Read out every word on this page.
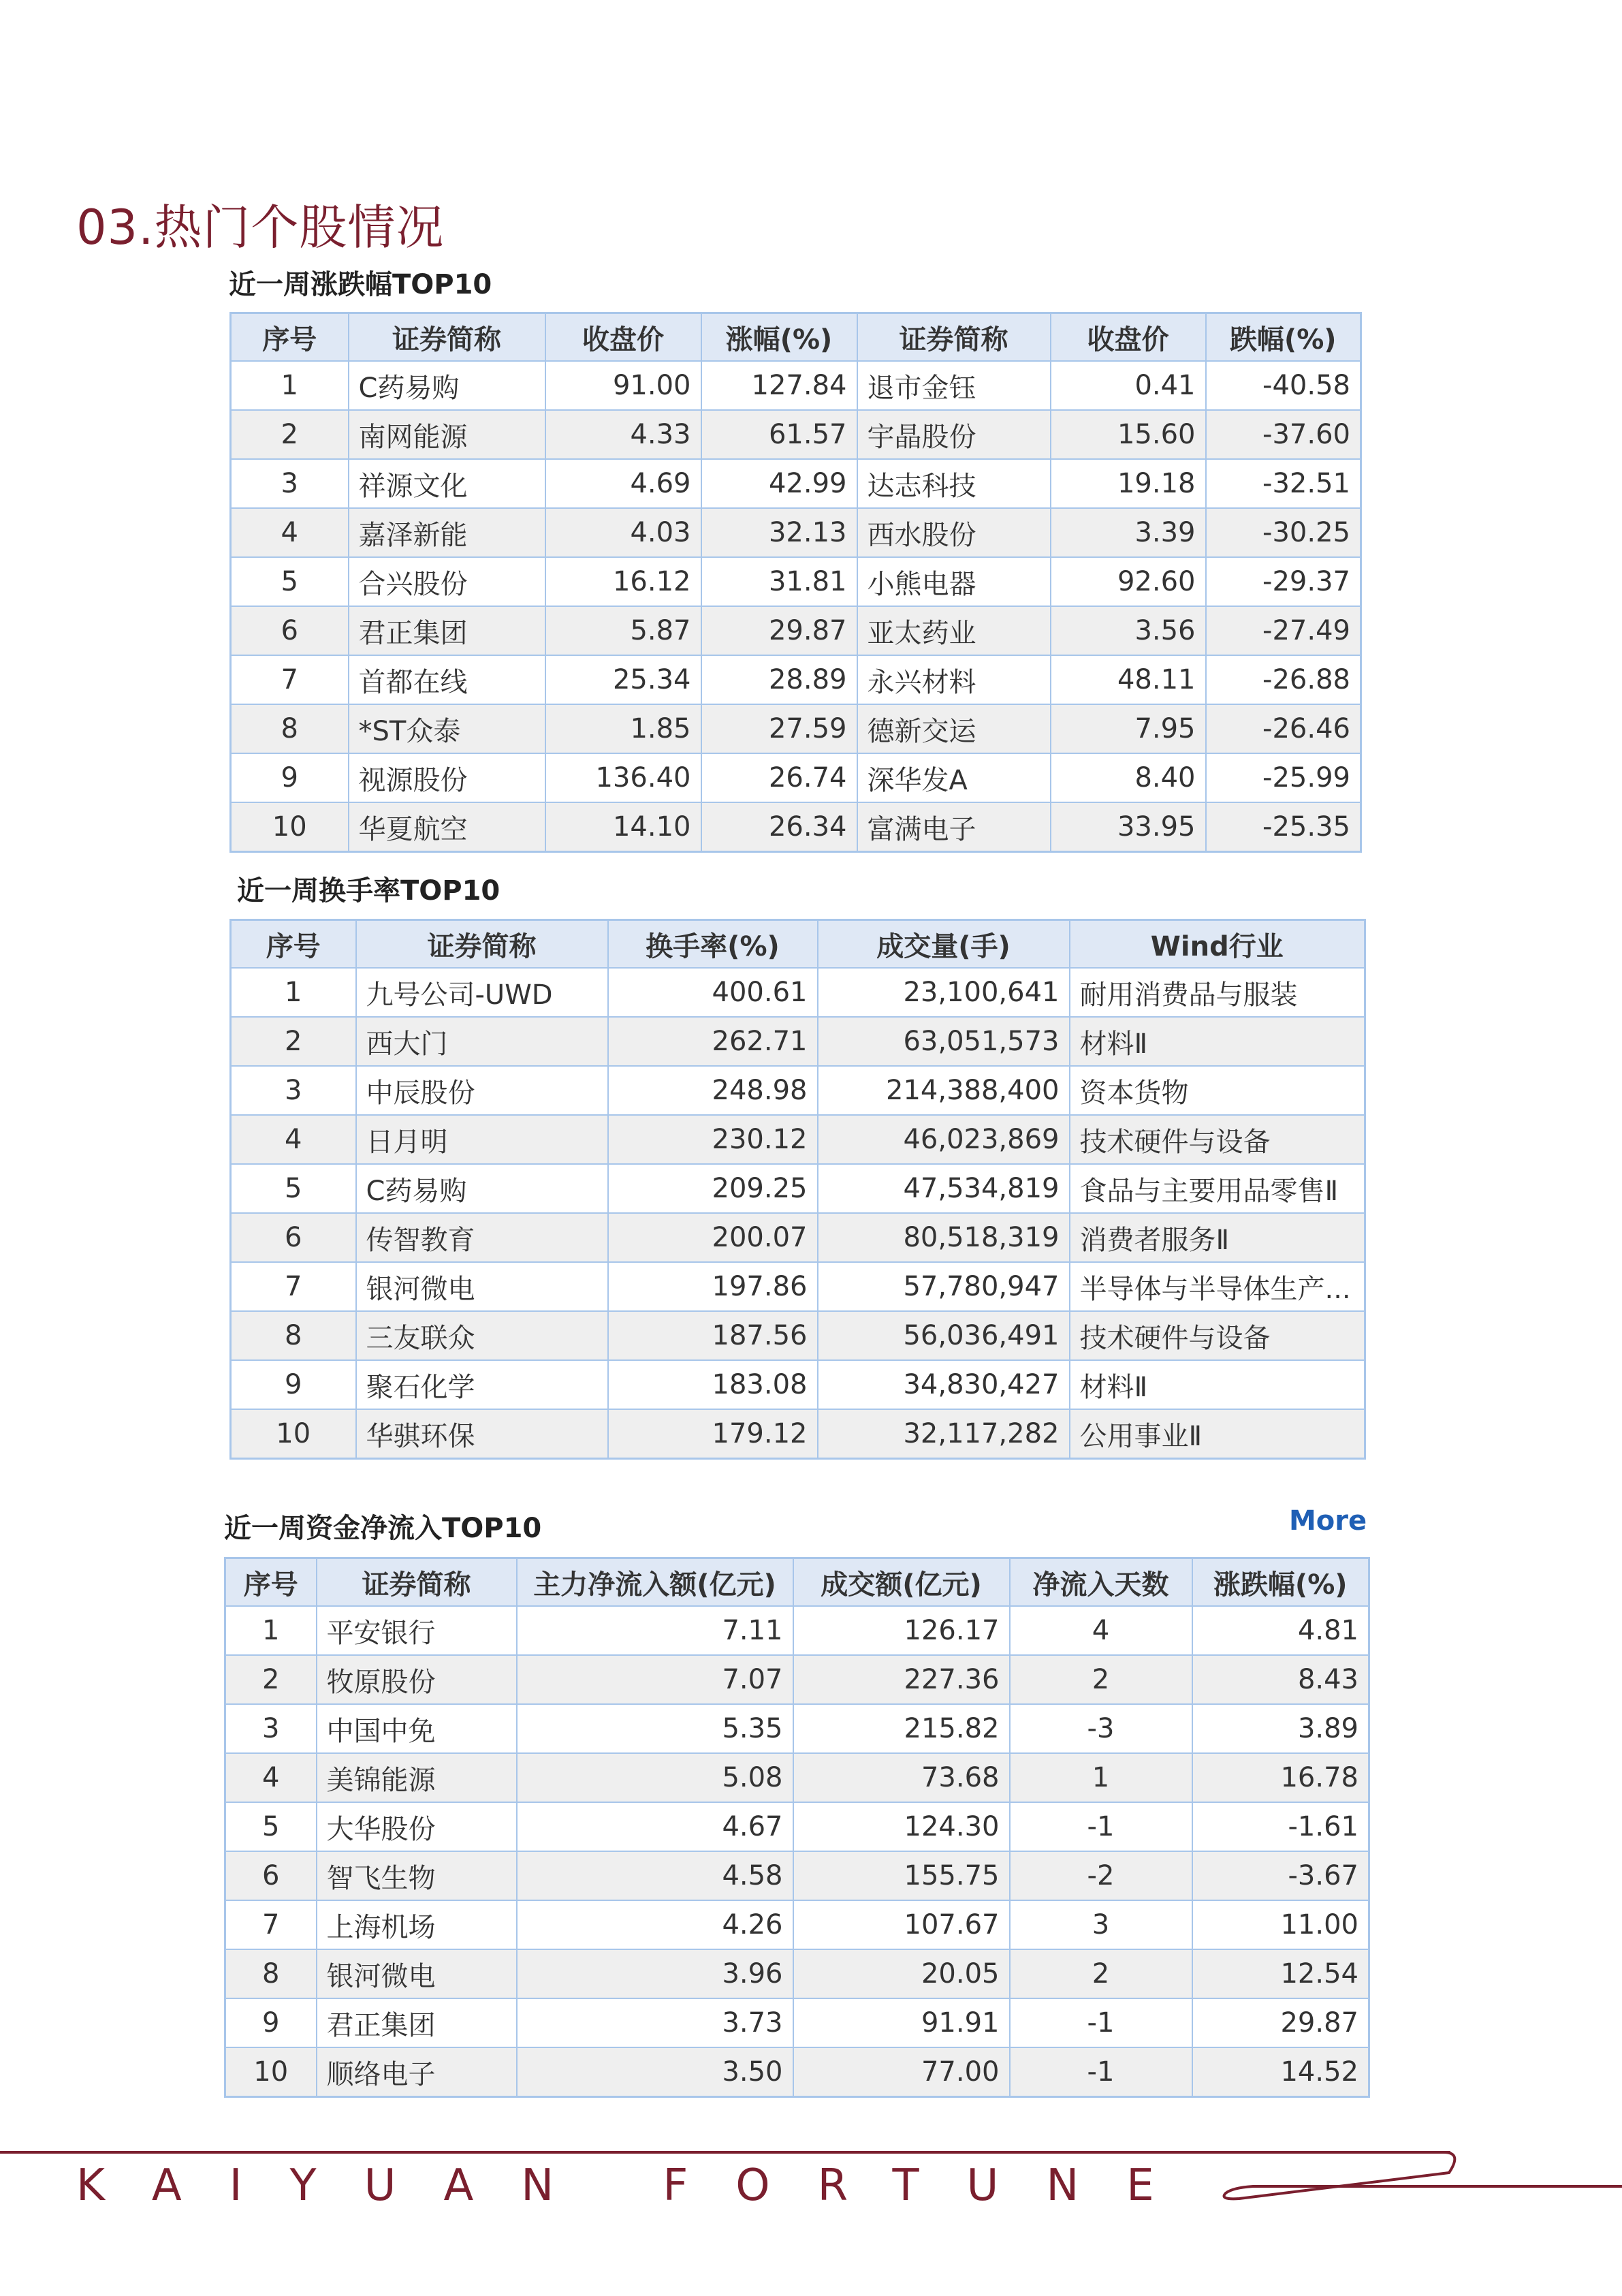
03.热门个股情况
近一周涨跌幅TOP10
序号	证券简称	收盘价	涨幅(%)	证券简称	收盘价	跌幅(%)
1	C药易购	91.00	127.84	退市金钰	0.41	-40.58
2	南网能源	4.33	61.57	宇晶股份	15.60	-37.60
3	祥源文化	4.69	42.99	达志科技	19.18	-32.51
4	嘉泽新能	4.03	32.13	西水股份	3.39	-30.25
5	合兴股份	16.12	31.81	小熊电器	92.60	-29.37
6	君正集团	5.87	29.87	亚太药业	3.56	-27.49
7	首都在线	25.34	28.89	永兴材料	48.11	-26.88
8	*ST众泰	1.85	27.59	德新交运	7.95	-26.46
9	视源股份	136.40	26.74	深华发A	8.40	-25.99
10	华夏航空	14.10	26.34	富满电子	33.95	-25.35
近一周换手率TOP10
序号	证券简称	换手率(%)	成交量(手)	Wind行业
1	九号公司-UWD	400.61	23,100,641	耐用消费品与服装
2	西大门	262.71	63,051,573	材料Ⅱ
3	中辰股份	248.98	214,388,400	资本货物
4	日月明	230.12	46,023,869	技术硬件与设备
5	C药易购	209.25	47,534,819	食品与主要用品零售Ⅱ
6	传智教育	200.07	80,518,319	消费者服务Ⅱ
7	银河微电	197.86	57,780,947	半导体与半导体生产...
8	三友联众	187.56	56,036,491	技术硬件与设备
9	聚石化学	183.08	34,830,427	材料Ⅱ
10	华骐环保	179.12	32,117,282	公用事业Ⅱ
近一周资金净流入TOP10	More
序号	证券简称	主力净流入额(亿元)	成交额(亿元)	净流入天数	涨跌幅(%)
1	平安银行	7.11	126.17	4	4.81
2	牧原股份	7.07	227.36	2	8.43
3	中国中免	5.35	215.82	-3	3.89
4	美锦能源	5.08	73.68	1	16.78
5	大华股份	4.67	124.30	-1	-1.61
6	智飞生物	4.58	155.75	-2	-3.67
7	上海机场	4.26	107.67	3	11.00
8	银河微电	3.96	20.05	2	12.54
9	君正集团	3.73	91.91	-1	29.87
10	顺络电子	3.50	77.00	-1	14.52
KAIYUAN FORTUNE
